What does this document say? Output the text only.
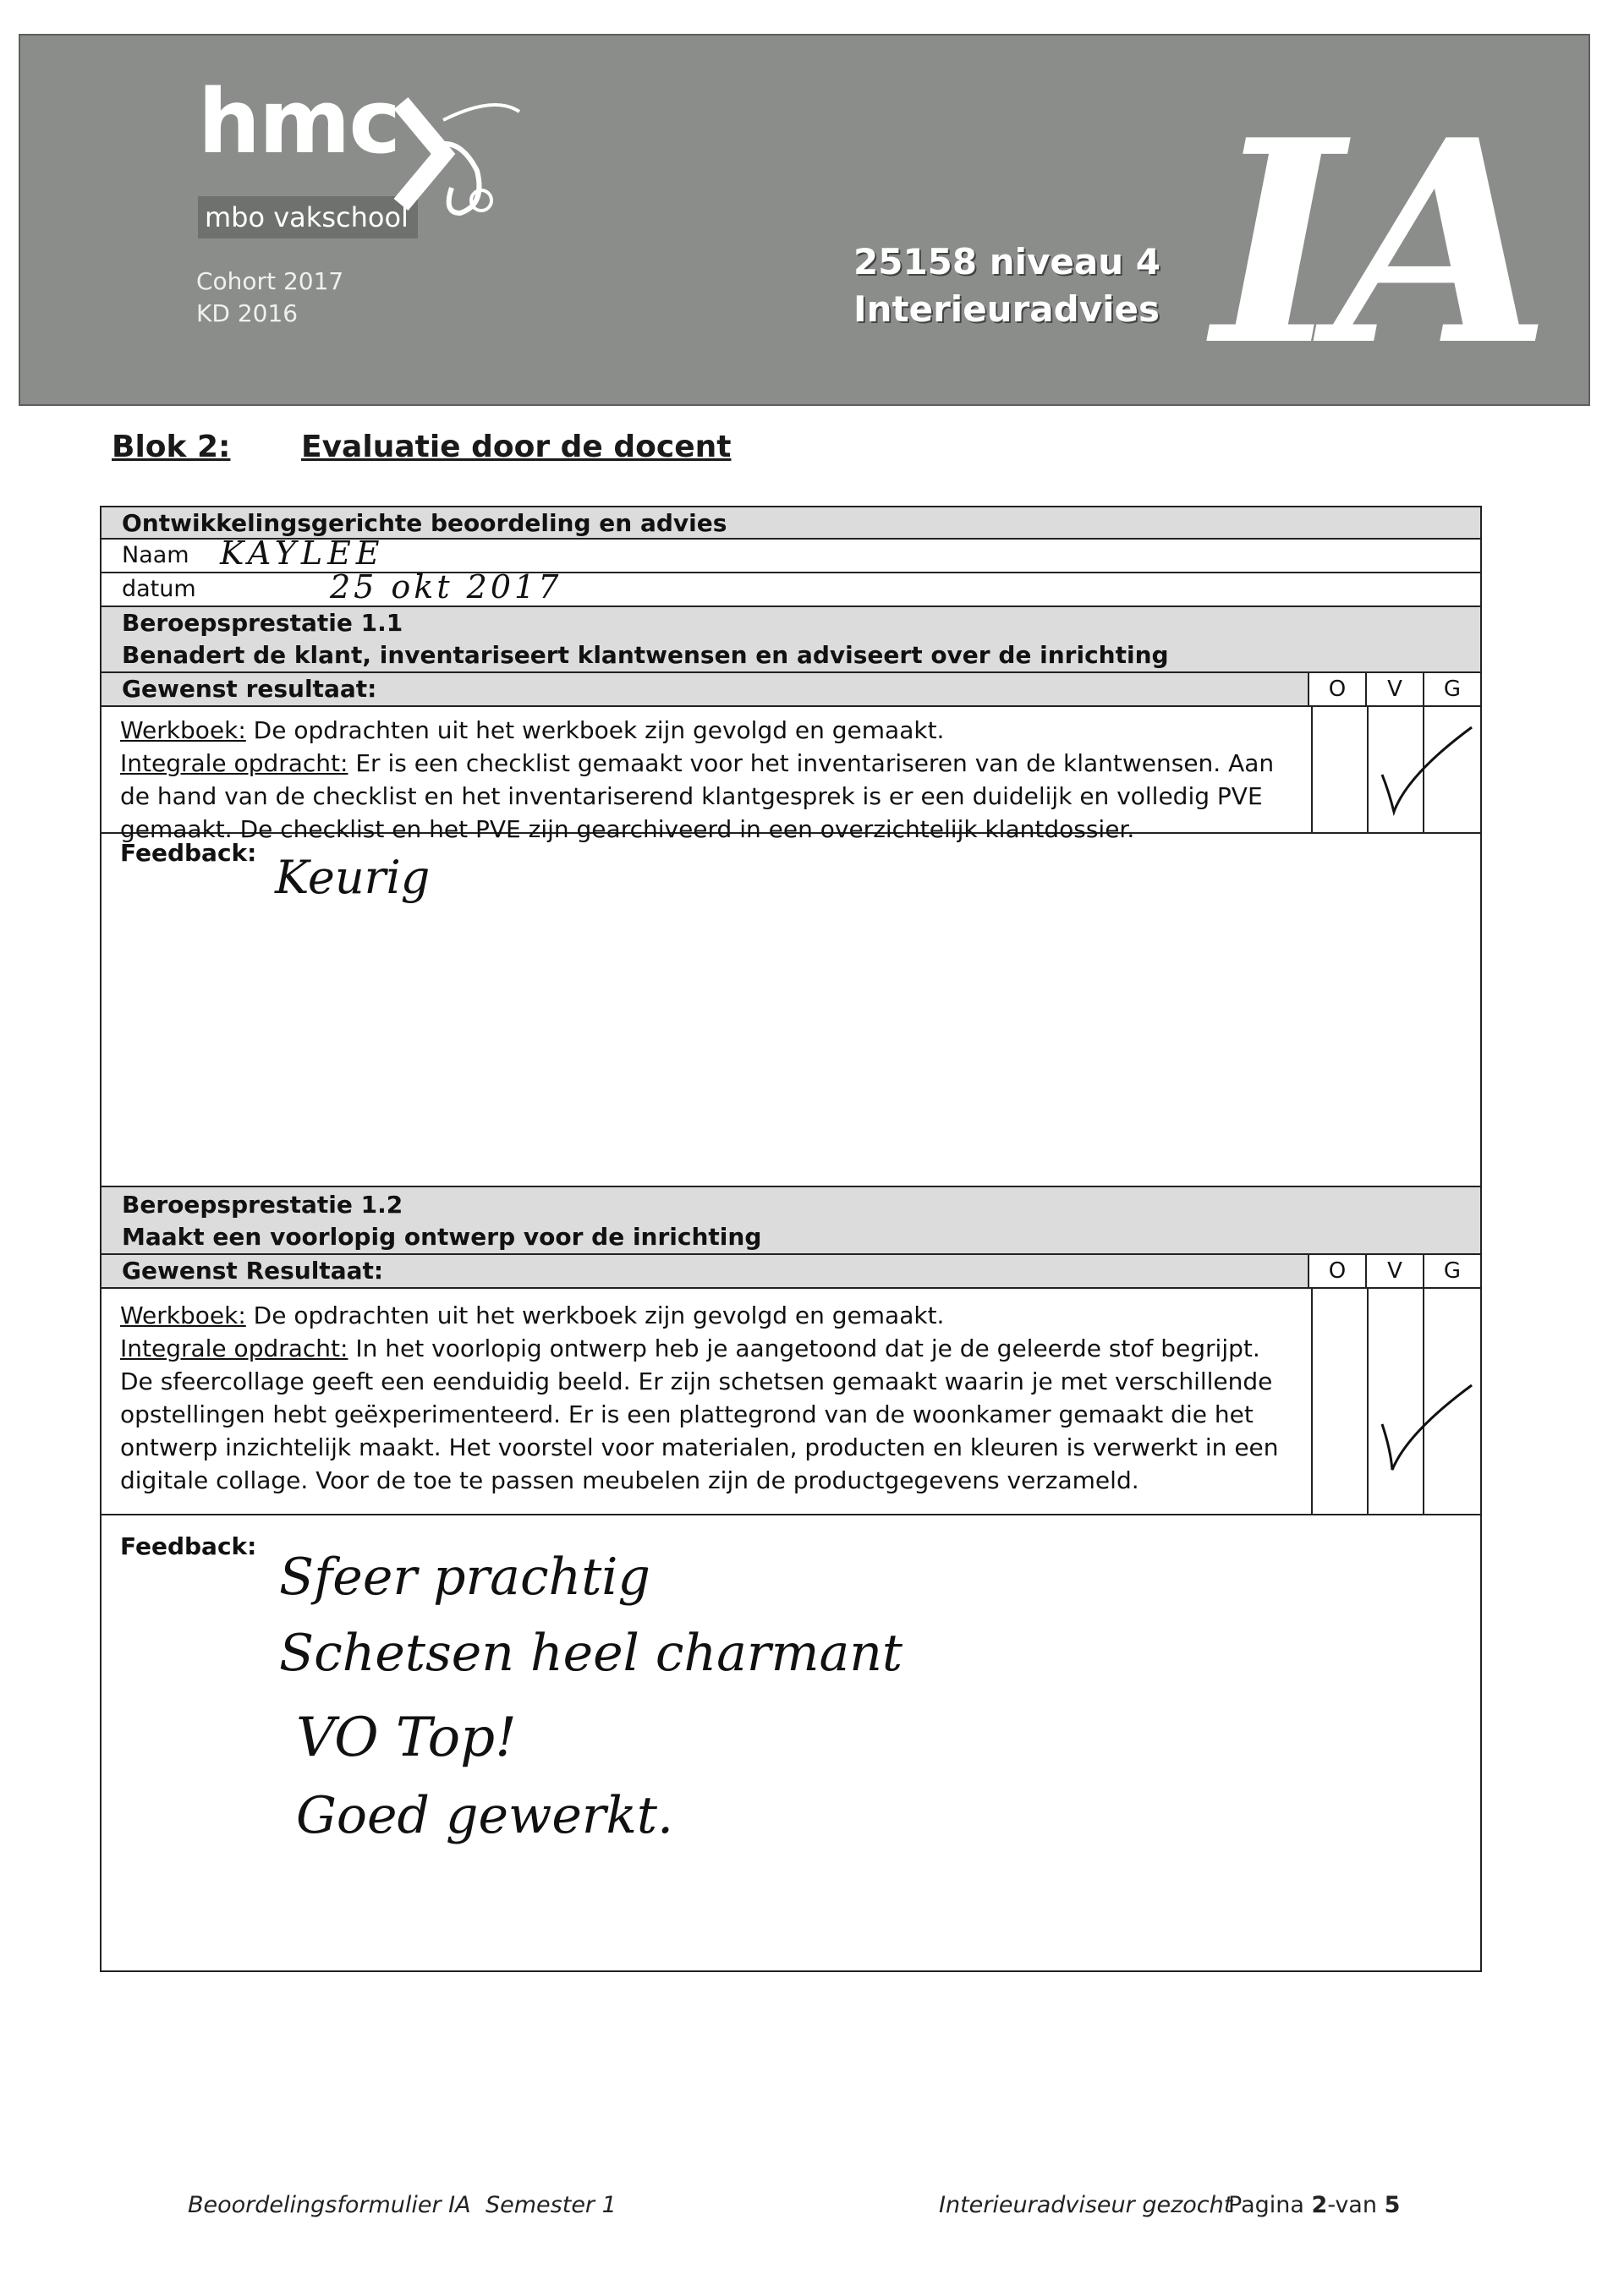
hmc
mbo vakschool
Cohort 2017
KD 2016
25158 niveau 4
Interieuradvies IA
Blok 2: Evaluatie door de docent
Ontwikkelingsgerichte beoordeling en advies
Naam KAYLEE
datum	25 okt 2017
Beroepsprestatie 1.1
Benadert de klant, inventariseert klantwensen en adviseert over de inrichting
Gewenst resultaat:	O	V	G
Werkboek: De opdrachten uit het werkboek zijn gevolgd en gemaakt.
Integrale opdracht: Er is een checklist gemaakt voor het inventariseren van de klantwensen. Aan de hand van de checklist en het inventariserend klantgesprek is er een duidelijk en volledig PVE gemaakt. De checklist en het PVE zijn gearchiveerd in een overzichtelijk klantdossier.
Feedback: Keurig
Beroepsprestatie 1.2
Maakt een voorlopig ontwerp voor de inrichting
Gewenst Resultaat:	O	V	G
Werkboek: De opdrachten uit het werkboek zijn gevolgd en gemaakt.
Integrale opdracht: In het voorlopig ontwerp heb je aangetoond dat je de geleerde stof begrijpt. De sfeercollage geeft een eenduidig beeld. Er zijn schetsen gemaakt waarin je met verschillende opstellingen hebt geëxperimenteerd. Er is een plattegrond van de woonkamer gemaakt die het ontwerp inzichtelijk maakt. Het voorstel voor materialen, producten en kleuren is verwerkt in een digitale collage. Voor de toe te passen meubelen zijn de productgegevens verzameld.
Feedback:
Sfeer prachtig
Schetsen heel charmant
VO Top!
Goed gewerkt.
Beoordelingsformulier IA Semester 1	Interieuradviseur gezocht
Pagina 2-van 5
